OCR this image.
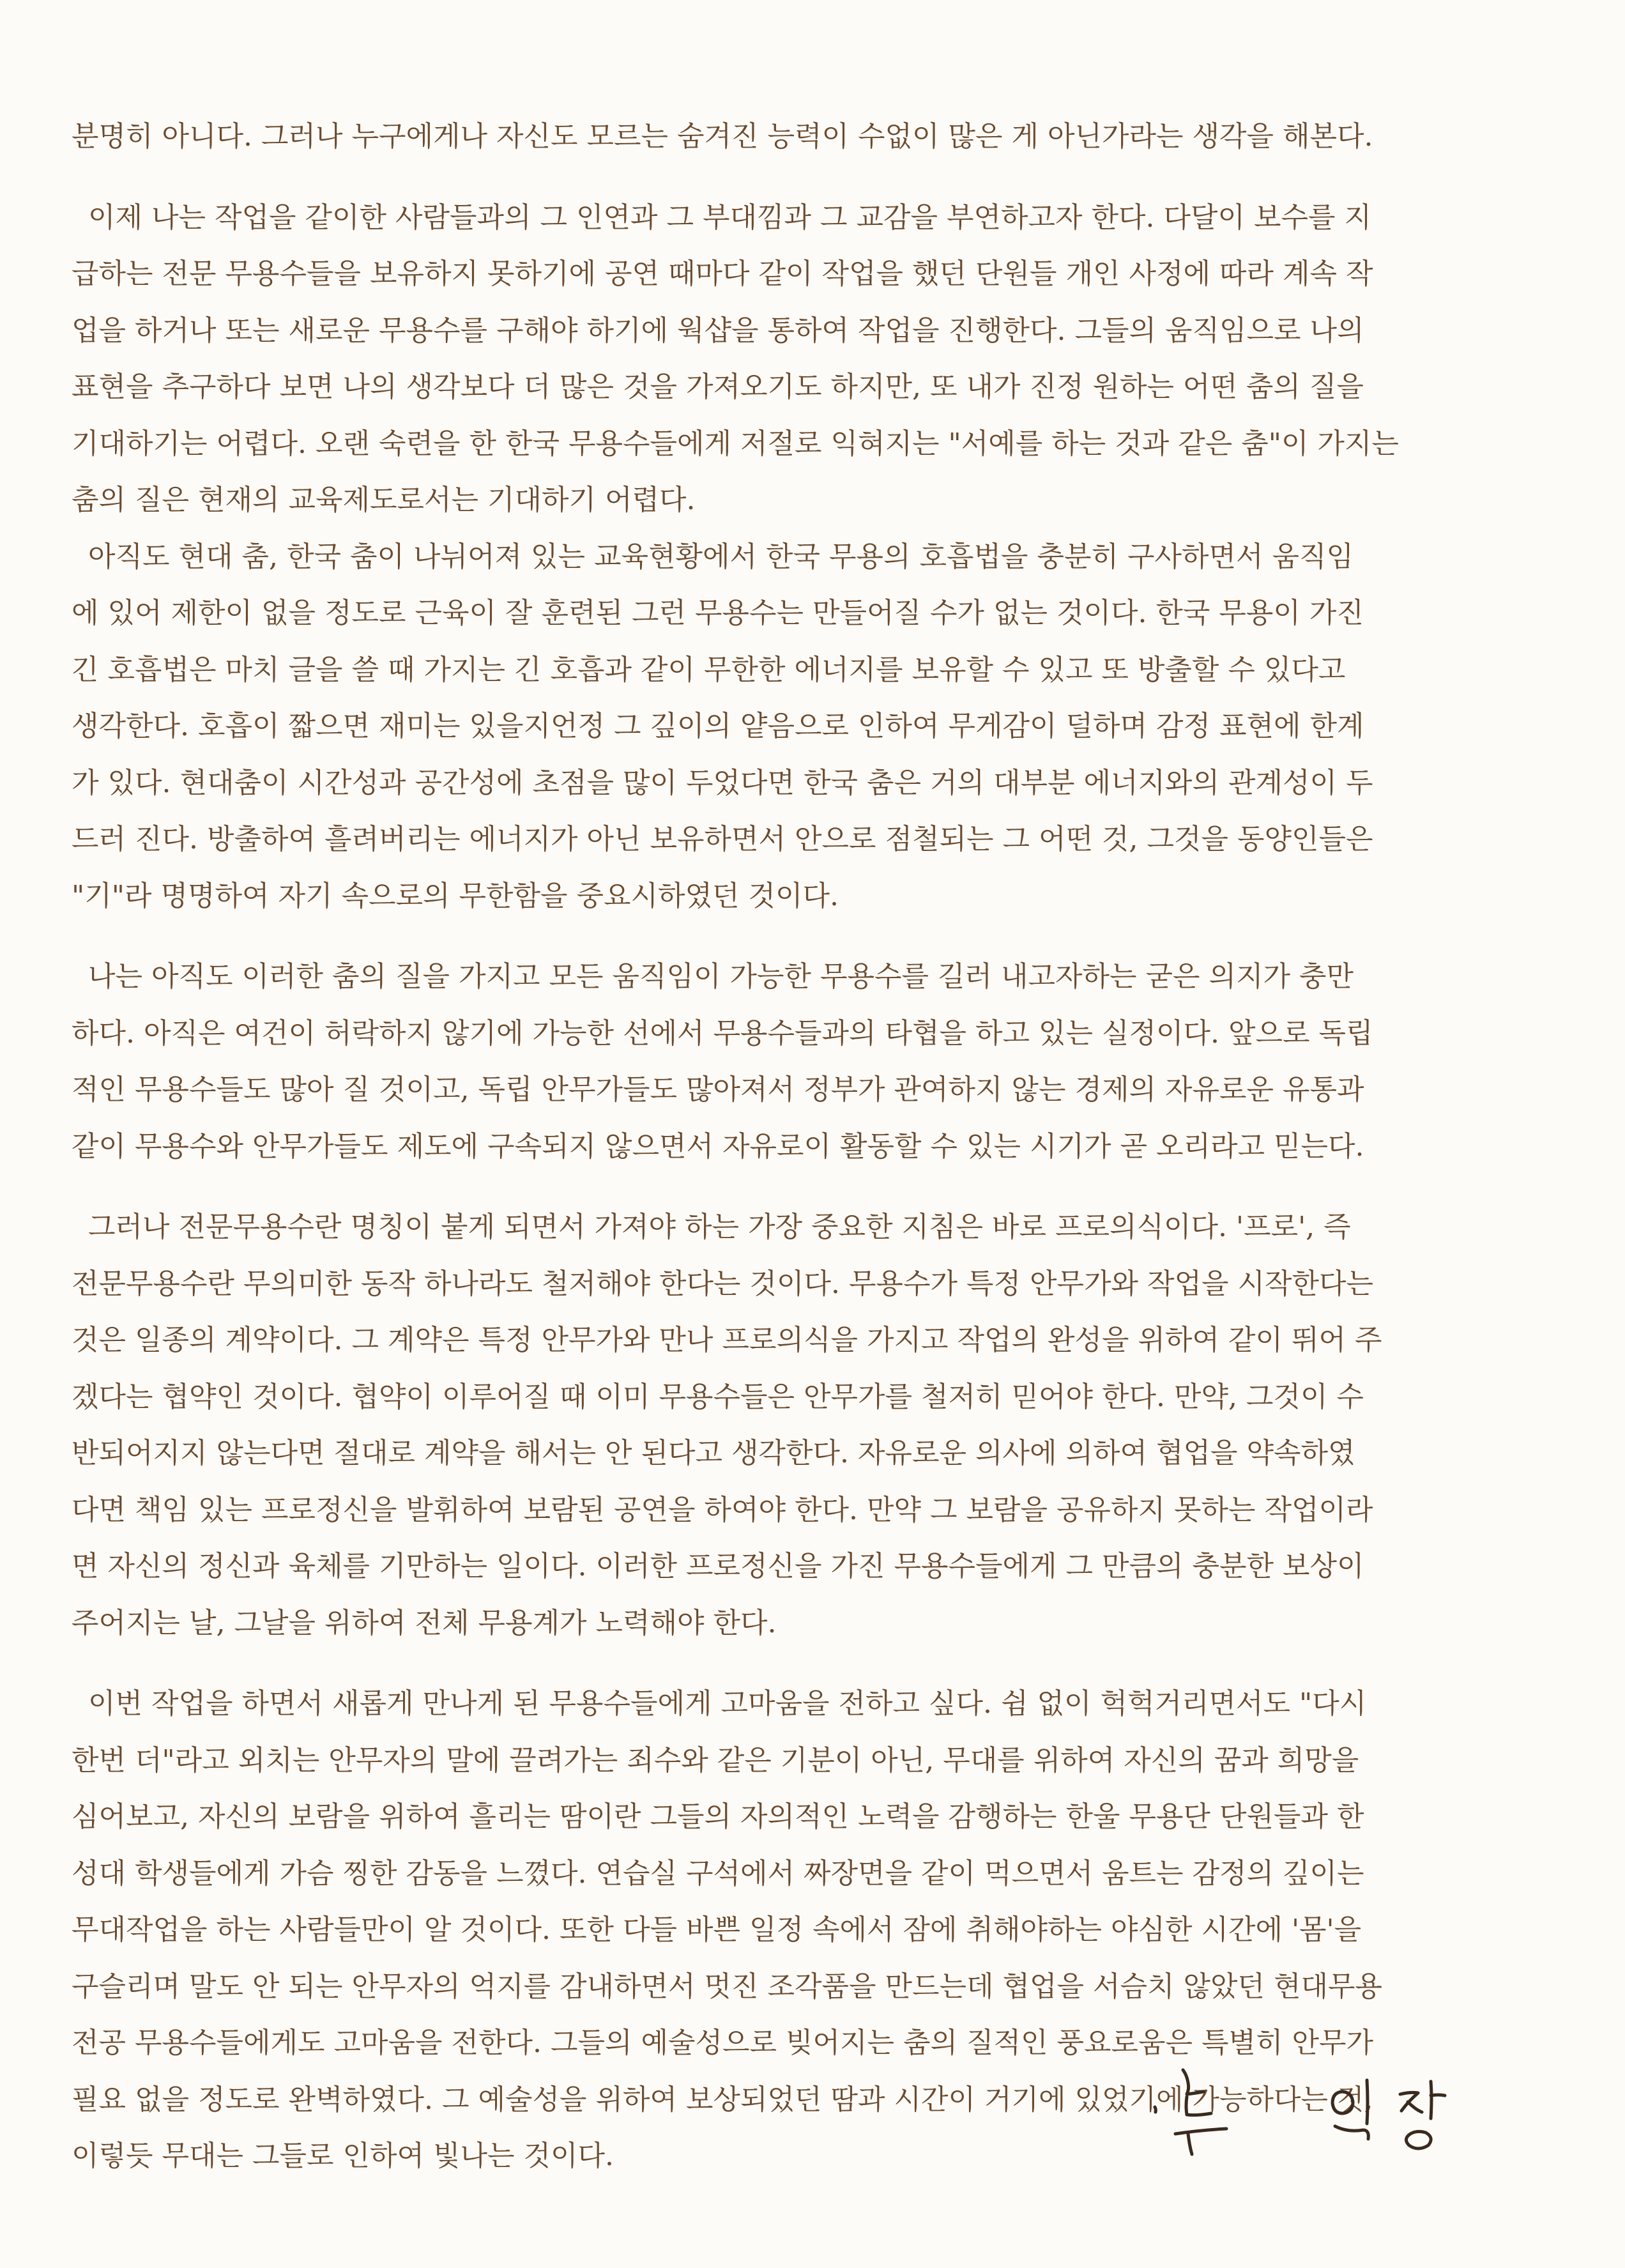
분명히 아니다. 그러나 누구에게나 자신도 모르는 숨겨진 능력이 수없이 많은 게 아닌가라는 생각을 해본다.

이제 나는 작업을 같이한 사람들과의 그 인연과 그 부대낌과 그 교감을 부연하고자 한다. 다달이 보수를 지
급하는 전문 무용수들을 보유하지 못하기에 공연 때마다 같이 작업을 했던 단원들 개인 사정에 따라 계속 작
업을 하거나 또는 새로운 무용수를 구해야 하기에 웍샵을 통하여 작업을 진행한다. 그들의 움직임으로 나의
표현을 추구하다 보면 나의 생각보다 더 많은 것을 가져오기도 하지만, 또 내가 진정 원하는 어떤 춤의 질을
기대하기는 어렵다. 오랜 숙련을 한 한국 무용수들에게 저절로 익혀지는 "서예를 하는 것과 같은 춤"이 가지는
춤의 질은 현재의 교육제도로서는 기대하기 어렵다.

아직도 현대 춤, 한국 춤이 나뉘어져 있는 교육현황에서 한국 무용의 호흡법을 충분히 구사하면서 움직임
에 있어 제한이 없을 정도로 근육이 잘 훈련된 그런 무용수는 만들어질 수가 없는 것이다. 한국 무용이 가진
긴 호흡법은 마치 글을 쓸 때 가지는 긴 호흡과 같이 무한한 에너지를 보유할 수 있고 또 방출할 수 있다고
생각한다. 호흡이 짧으면 재미는 있을지언정 그 깊이의 얕음으로 인하여 무게감이 덜하며 감정 표현에 한계
가 있다. 현대춤이 시간성과 공간성에 초점을 많이 두었다면 한국 춤은 거의 대부분 에너지와의 관계성이 두
드러 진다. 방출하여 흘려버리는 에너지가 아닌 보유하면서 안으로 점철되는 그 어떤 것, 그것을 동양인들은
"기"라 명명하여 자기 속으로의 무한함을 중요시하였던 것이다.

나는 아직도 이러한 춤의 질을 가지고 모든 움직임이 가능한 무용수를 길러 내고자하는 굳은 의지가 충만
하다. 아직은 여건이 허락하지 않기에 가능한 선에서 무용수들과의 타협을 하고 있는 실정이다. 앞으로 독립
적인 무용수들도 많아 질 것이고, 독립 안무가들도 많아져서 정부가 관여하지 않는 경제의 자유로운 유통과
같이 무용수와 안무가들도 제도에 구속되지 않으면서 자유로이 활동할 수 있는 시기가 곧 오리라고 믿는다.

그러나 전문무용수란 명칭이 붙게 되면서 가져야 하는 가장 중요한 지침은 바로 프로의식이다. '프로', 즉
전문무용수란 무의미한 동작 하나라도 철저해야 한다는 것이다. 무용수가 특정 안무가와 작업을 시작한다는
것은 일종의 계약이다. 그 계약은 특정 안무가와 만나 프로의식을 가지고 작업의 완성을 위하여 같이 뛰어 주
겠다는 협약인 것이다. 협약이 이루어질 때 이미 무용수들은 안무가를 철저히 믿어야 한다. 만약, 그것이 수
반되어지지 않는다면 절대로 계약을 해서는 안 된다고 생각한다. 자유로운 의사에 의하여 협업을 약속하였
다면 책임 있는 프로정신을 발휘하여 보람된 공연을 하여야 한다. 만약 그 보람을 공유하지 못하는 작업이라
면 자신의 정신과 육체를 기만하는 일이다. 이러한 프로정신을 가진 무용수들에게 그 만큼의 충분한 보상이
주어지는 날, 그날을 위하여 전체 무용계가 노력해야 한다.

이번 작업을 하면서 새롭게 만나게 된 무용수들에게 고마움을 전하고 싶다. 쉼 없이 헉헉거리면서도 "다시
한번 더"라고 외치는 안무자의 말에 끌려가는 죄수와 같은 기분이 아닌, 무대를 위하여 자신의 꿈과 희망을
심어보고, 자신의 보람을 위하여 흘리는 땀이란 그들의 자의적인 노력을 감행하는 한울 무용단 단원들과 한
성대 학생들에게 가슴 찡한 감동을 느꼈다. 연습실 구석에서 짜장면을 같이 먹으면서 움트는 감정의 깊이는
무대작업을 하는 사람들만이 알 것이다. 또한 다들 바쁜 일정 속에서 잠에 취해야하는 야심한 시간에 '몸'을
구슬리며 말도 안 되는 안무자의 억지를 감내하면서 멋진 조각품을 만드는데 협업을 서슴치 않았던 현대무용
전공 무용수들에게도 고마움을 전한다. 그들의 예술성으로 빚어지는 춤의 질적인 풍요로움은 특별히 안무가
필요 없을 정도로 완벽하였다. 그 예술성을 위하여 보상되었던 땀과 시간이 거기에 있었기에 가능하다는 것,
이렇듯 무대는 그들로 인하여 빛나는 것이다.
